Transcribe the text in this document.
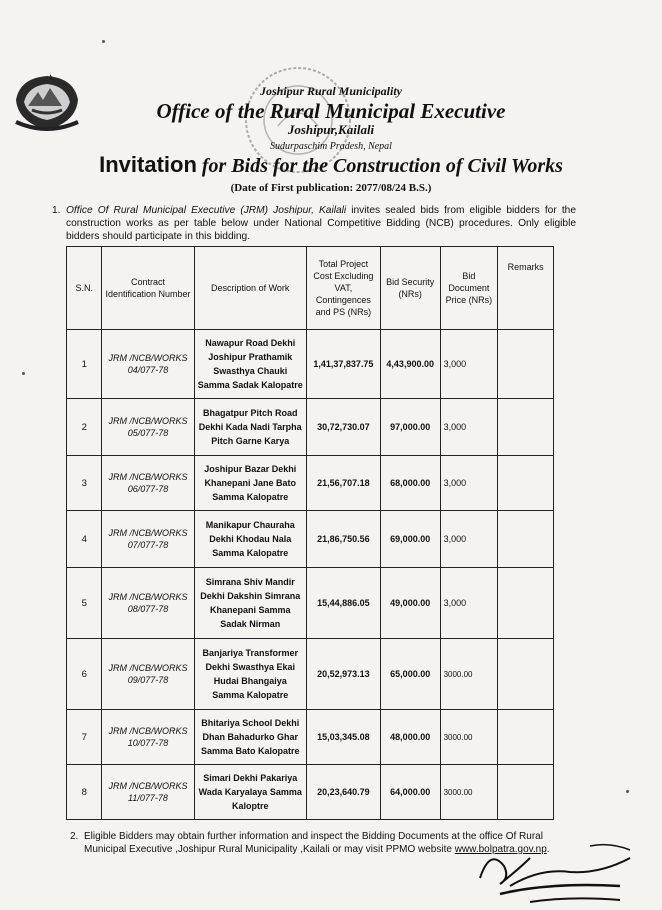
Joshipur Rural Municipality
Office of the Rural Municipal Executive
Joshipur,Kailali
Sudurpaschim Pradesh, Nepal
Invitation for Bids for the Construction of Civil Works
(Date of First publication: 2077/08/24 B.S.)
1. Office Of Rural Municipal Executive (JRM) Joshipur, Kailali invites sealed bids from eligible bidders for the construction works as per table below under National Competitive Bidding (NCB) procedures. Only eligible bidders should participate in this bidding.
S.N.	Contract Identification Number	Description of Work	Total Project Cost Excluding VAT, Contingences and PS (NRs)	Bid Security (NRs)	Bid Document Price (NRs)	Remarks
1	JRM /NCB/WORKS 04/077-78	Nawapur Road Dekhi Joshipur Prathamik Swasthya Chauki Samma Sadak Kalopatre	1,41,37,837.75	4,43,900.00	3,000	
2	JRM /NCB/WORKS 05/077-78	Bhagatpur Pitch Road Dekhi Kada Nadi Tarpha Pitch Garne Karya	30,72,730.07	97,000.00	3,000	
3	JRM /NCB/WORKS 06/077-78	Joshipur Bazar Dekhi Khanepani Jane Bato Samma Kalopatre	21,56,707.18	68,000.00	3,000	
4	JRM /NCB/WORKS 07/077-78	Manikapur Chauraha Dekhi Khodau Nala Samma Kalopatre	21,86,750.56	69,000.00	3,000	
5	JRM /NCB/WORKS 08/077-78	Simrana Shiv Mandir Dekhi Dakshin Simrana Khanepani Samma Sadak Nirman	15,44,886.05	49,000.00	3,000	
6	JRM /NCB/WORKS 09/077-78	Banjariya Transformer Dekhi Swasthya Ekai Hudai Bhangaiya Samma Kalopatre	20,52,973.13	65,000.00	3000.00	
7	JRM /NCB/WORKS 10/077-78	Bhitariya School Dekhi Dhan Bahadurko Ghar Samma Bato Kalopatre	15,03,345.08	48,000.00	3000.00	
8	JRM /NCB/WORKS 11/077-78	Simari Dekhi Pakariya Wada Karyalaya Samma Kaloptre	20,23,640.79	64,000.00	3000.00	
2. Eligible Bidders may obtain further information and inspect the Bidding Documents at the office Of Rural Municipal Executive ,Joshipur Rural Municipality ,Kailali or may visit PPMO website www.bolpatra.gov.np.
